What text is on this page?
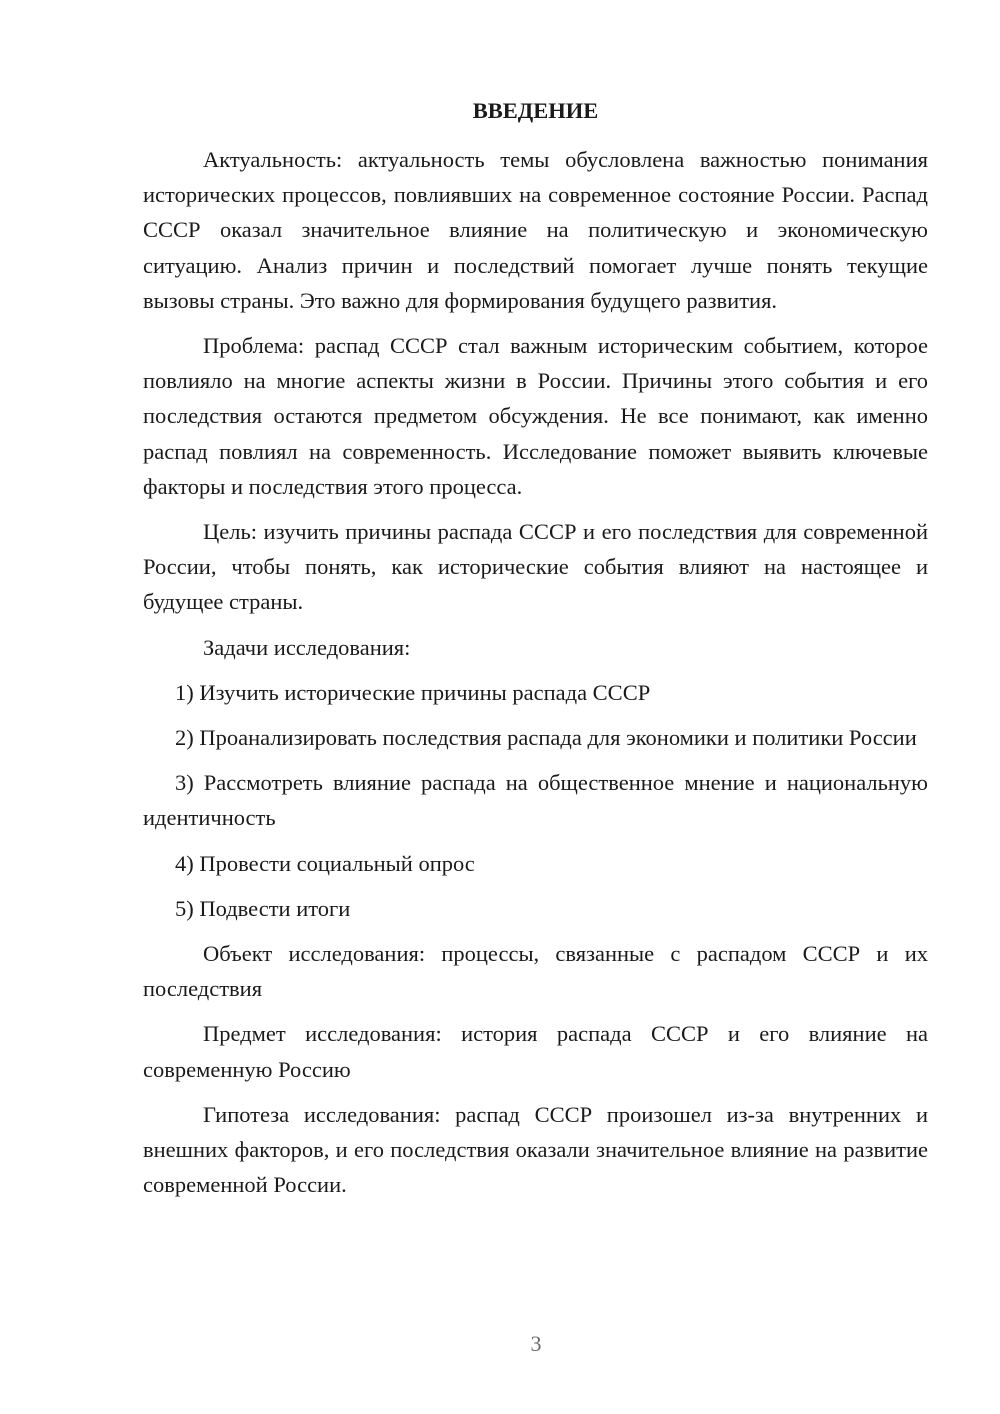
ВВЕДЕНИЕ

Актуальность: актуальность темы обусловлена важностью понимания исторических процессов, повлиявших на современное состояние России. Распад СССР оказал значительное влияние на политическую и экономическую ситуацию. Анализ причин и последствий помогает лучше понять текущие вызовы страны. Это важно для формирования будущего развития.

Проблема: распад СССР стал важным историческим событием, которое повлияло на многие аспекты жизни в России. Причины этого события и его последствия остаются предметом обсуждения. Не все понимают, как именно распад повлиял на современность. Исследование поможет выявить ключевые факторы и последствия этого процесса.

Цель: изучить причины распада СССР и его последствия для современной России, чтобы понять, как исторические события влияют на настоящее и будущее страны.

Задачи исследования:

1) Изучить исторические причины распада СССР

2) Проанализировать последствия распада для экономики и политики России

3) Рассмотреть влияние распада на общественное мнение и национальную идентичность

4) Провести социальный опрос

5) Подвести итоги

Объект исследования: процессы, связанные с распадом СССР и их последствия

Предмет исследования: история распада СССР и его влияние на современную Россию

Гипотеза исследования: распад СССР произошел из-за внутренних и внешних факторов, и его последствия оказали значительное влияние на развитие современной России.

3
